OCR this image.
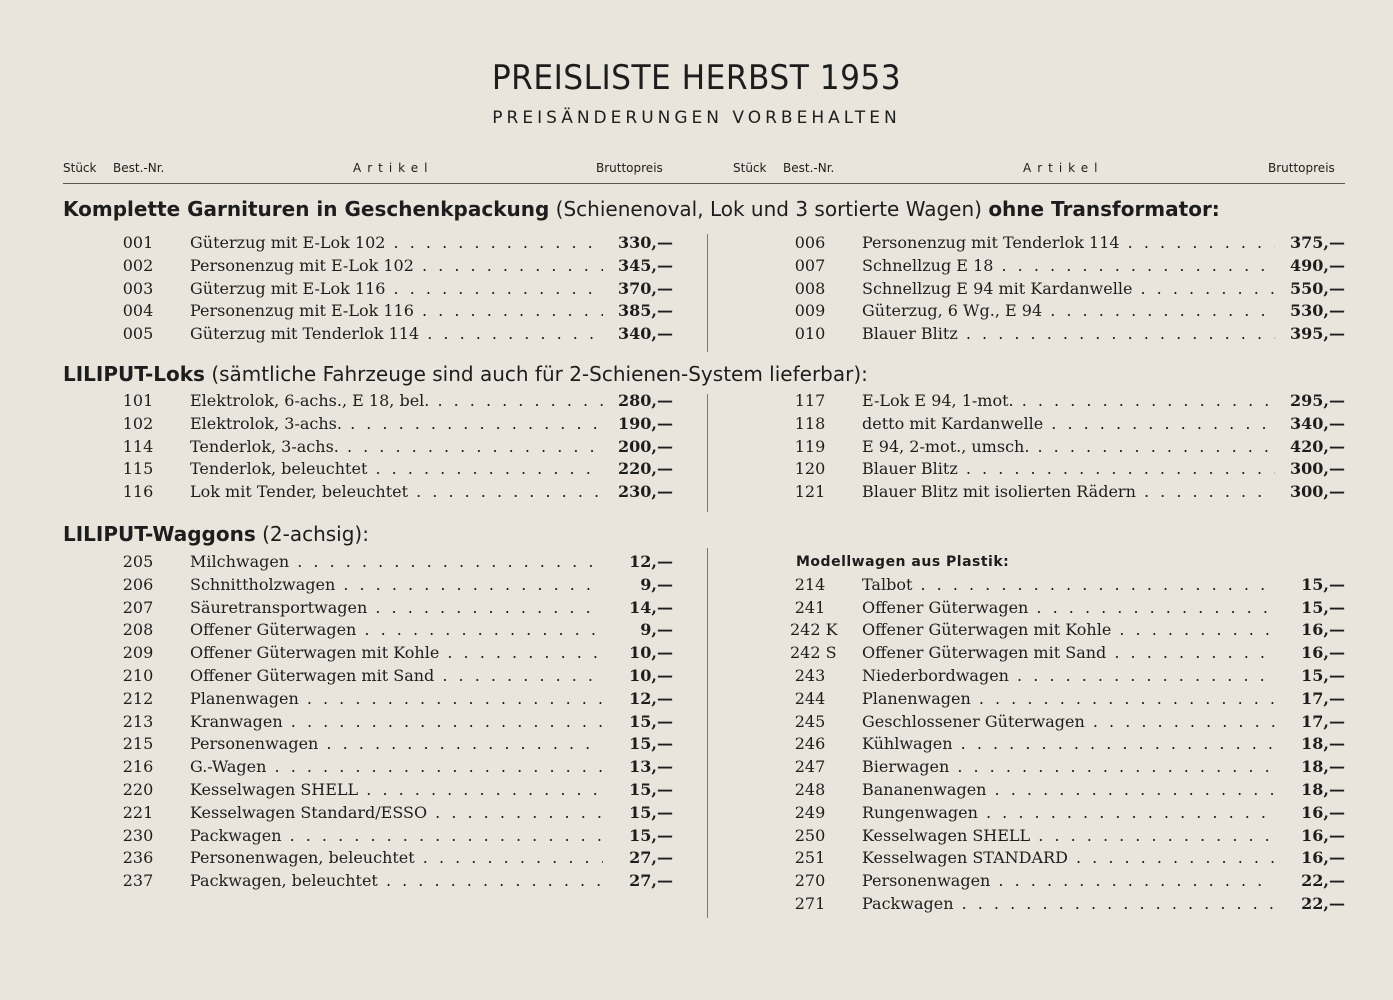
PREISLISTE HERBST 1953
PREISÄNDERUNGEN VORBEHALTEN
Stück Best.-Nr.	Artikel	Bruttopreis	Stück Best.-Nr.	Artikel	Bruttopreis
Komplette Garnituren in Geschenkpackung (Schienenoval, Lok und 3 sortierte Wagen) ohne Transformator:
001 Güterzug mit E-Lok 102 . . .	330,—
002 Personenzug mit E-Lok 102 . . .	345,—
003 Güterzug mit E-Lok 116 . . .	370,—
004 Personenzug mit E-Lok 116 . . .	385,—
005 Güterzug mit Tenderlok 114 . . .	340,—
006 Personenzug mit Tenderlok 114 . . .	375,—
007 Schnellzug E 18 . . .	490,—
008 Schnellzug E 94 mit Kardanwelle . . .	550,—
009 Güterzug, 6 Wg., E 94 . . .	530,—
010 Blauer Blitz . . .	395,—
LILIPUT-Loks (sämtliche Fahrzeuge sind auch für 2-Schienen-System lieferbar):
101 Elektrolok, 6-achs., E 18, bel. . . .	280,—
102 Elektrolok, 3-achs. . . .	190,—
114 Tenderlok, 3-achs. . . .	200,—
115 Tenderlok, beleuchtet . . .	220,—
116 Lok mit Tender, beleuchtet . . .	230,—
117 E-Lok E 94, 1-mot. . . .	295,—
118 detto mit Kardanwelle . . .	340,—
119 E 94, 2-mot., umsch. . . .	420,—
120 Blauer Blitz . . .	300,—
121 Blauer Blitz mit isolierten Rädern . . .	300,—
LILIPUT-Waggons (2-achsig):
205 Milchwagen . . .	12,—
206 Schnittholzwagen . . .	9,—
207 Säuretransportwagen . . .	14,—
208 Offener Güterwagen . . .	9,—
209 Offener Güterwagen mit Kohle . . .	10,—
210 Offener Güterwagen mit Sand . . .	10,—
212 Planenwagen . . .	12,—
213 Kranwagen . . .	15,—
215 Personenwagen . . .	15,—
216 G.-Wagen . . .	13,—
220 Kesselwagen SHELL . . .	15,—
221 Kesselwagen Standard/ESSO . . .	15,—
230 Packwagen . . .	15,—
236 Personenwagen, beleuchtet . . .	27,—
237 Packwagen, beleuchtet . . .	27,—
Modellwagen aus Plastik:
214 Talbot . . .	15,—
241 Offener Güterwagen . . .	15,—
242 K Offener Güterwagen mit Kohle . . .	16,—
242 S Offener Güterwagen mit Sand . . .	16,—
243 Niederbordwagen . . .	15,—
244 Planenwagen . . .	17,—
245 Geschlossener Güterwagen . . .	17,—
246 Kühlwagen . . .	18,—
247 Bierwagen . . .	18,—
248 Bananenwagen . . .	18,—
249 Rungenwagen . . .	16,—
250 Kesselwagen SHELL . . .	16,—
251 Kesselwagen STANDARD . . .	16,—
270 Personenwagen . . .	22,—
271 Packwagen . . .	22,—
